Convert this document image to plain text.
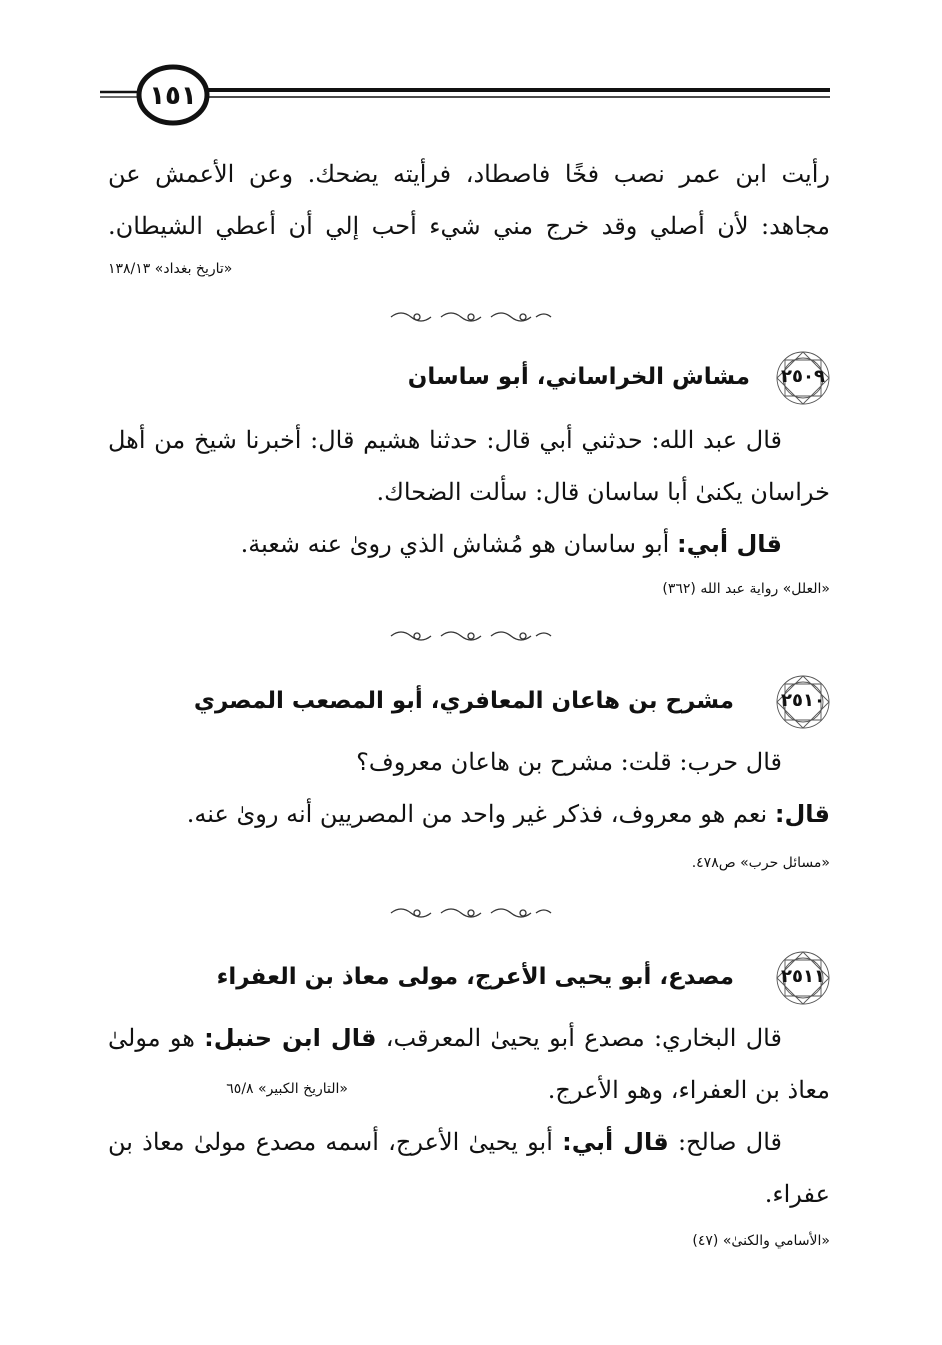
١٥١
رأيت ابن عمر نصب فخًا فاصطاد، فرأيته يضحك. وعن الأعمش عن
مجاهد: لأن أصلي وقد خرج مني شيء أحب إلي أن أعطي الشيطان.
«تاريخ بغداد» ١٣٨/١٣
٢٥٠٩
مشاش الخراساني، أبو ساسان
قال عبد الله: حدثني أبي قال: حدثنا هشيم قال: أخبرنا شيخ من أهل
خراسان يكنىٰ أبا ساسان قال: سألت الضحاك.
قال أبي: أبو ساسان هو مُشاش الذي روىٰ عنه شعبة.
«العلل» رواية عبد الله (٣٦٢)
٢٥١٠
مشرح بن هاعان المعافري، أبو المصعب المصري
قال حرب: قلت: مشرح بن هاعان معروف؟
قال: نعم هو معروف، فذكر غير واحد من المصريين أنه روىٰ عنه.
«مسائل حرب» ص٤٧٨.
٢٥١١
مصدع، أبو يحيى الأعرج، مولى معاذ بن العفراء
قال البخاري: مصدع أبو يحيىٰ المعرقب، قال ابن حنبل: هو مولىٰ
معاذ بن العفراء، وهو الأعرج.
«التاريخ الكبير» ٦٥/٨
قال صالح: قال أبي: أبو يحيىٰ الأعرج، أسمه مصدع مولىٰ معاذ بن
عفراء.
«الأسامي والكنىٰ» (٤٧)
